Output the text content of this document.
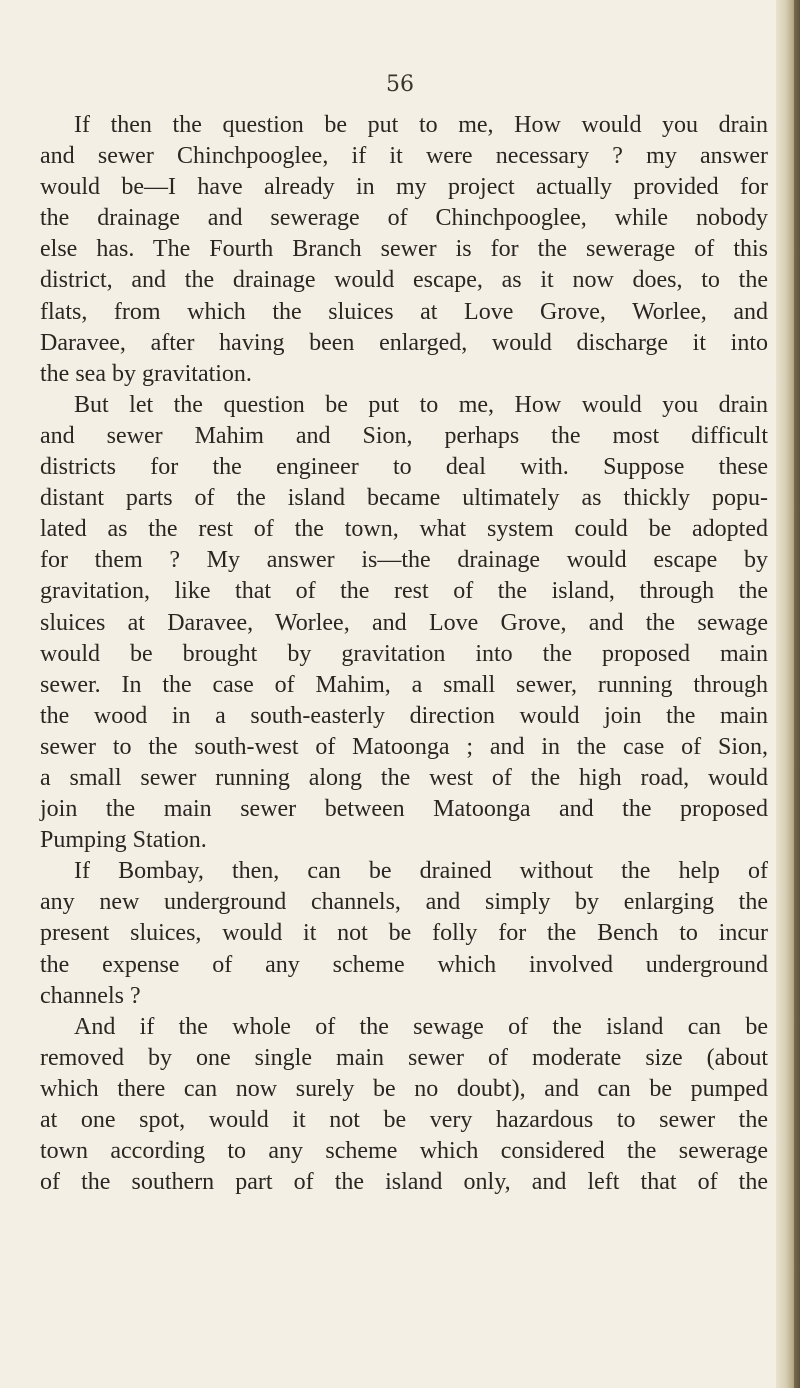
56
If then the question be put to me, How would you drain
and sewer Chinchpooglee, if it were necessary ? my answer
would be—I have already in my project actually provided for
the drainage and sewerage of Chinchpooglee, while nobody
else has. The Fourth Branch sewer is for the sewerage of this
district, and the drainage would escape, as it now does, to the
flats, from which the sluices at Love Grove, Worlee, and
Daravee, after having been enlarged, would discharge it into
the sea by gravitation.
But let the question be put to me, How would you drain
and sewer Mahim and Sion, perhaps the most difficult
districts for the engineer to deal with. Suppose these
distant parts of the island became ultimately as thickly popu-
lated as the rest of the town, what system could be adopted
for them ? My answer is—the drainage would escape by
gravitation, like that of the rest of the island, through the
sluices at Daravee, Worlee, and Love Grove, and the sewage
would be brought by gravitation into the proposed main
sewer. In the case of Mahim, a small sewer, running through
the wood in a south-easterly direction would join the main
sewer to the south-west of Matoonga ; and in the case of Sion,
a small sewer running along the west of the high road, would
join the main sewer between Matoonga and the proposed
Pumping Station.
If Bombay, then, can be drained without the help of
any new underground channels, and simply by enlarging the
present sluices, would it not be folly for the Bench to incur
the expense of any scheme which involved underground
channels ?
And if the whole of the sewage of the island can be
removed by one single main sewer of moderate size (about
which there can now surely be no doubt), and can be pumped
at one spot, would it not be very hazardous to sewer the
town according to any scheme which considered the sewerage
of the southern part of the island only, and left that of the
